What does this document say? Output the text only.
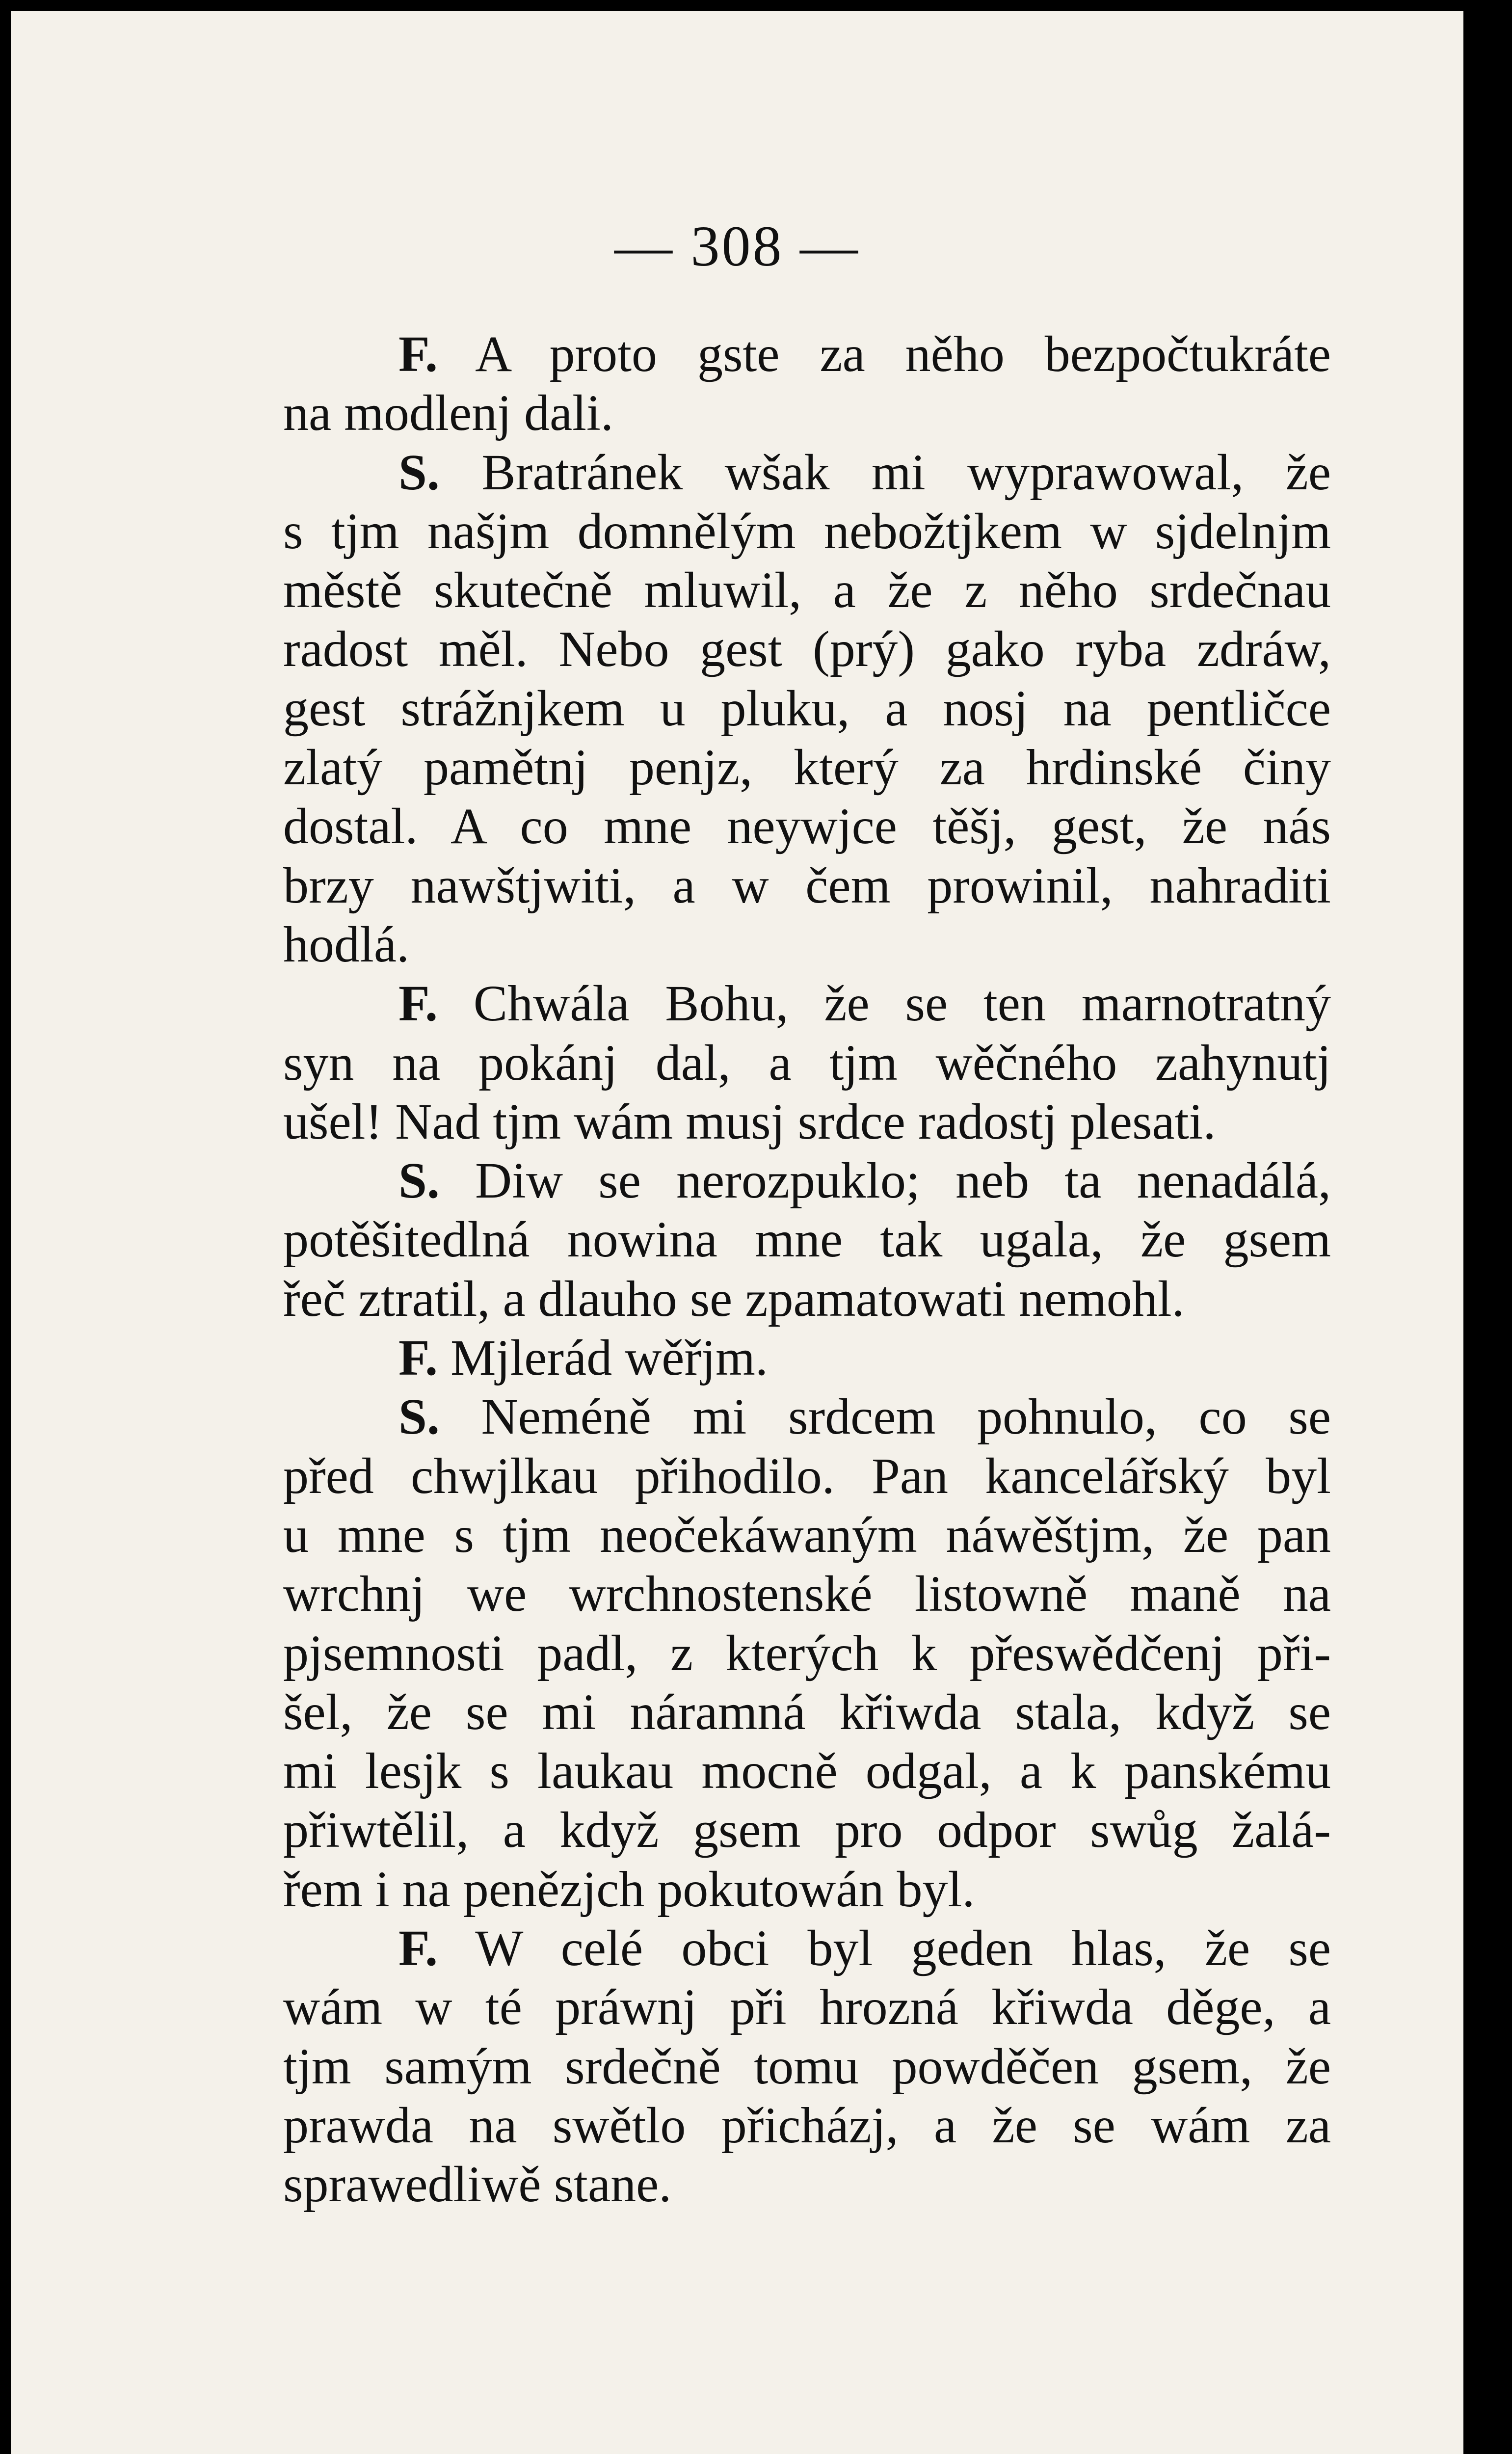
— 308 —
F. A proto gste za něho bezpočtukráte
na modlenj dali.
S. Bratránek wšak mi wyprawowal, že
s tjm našjm domnělým nebožtjkem w sjdelnjm
městě skutečně mluwil, a že z něho srdečnau
radost měl. Nebo gest (prý) gako ryba zdráw,
gest strážnjkem u pluku, a nosj na pentličce
zlatý pamětnj penjz, který za hrdinské činy
dostal. A co mne neywjce těšj, gest, že nás
brzy nawštjwiti, a w čem prowinil, nahraditi
hodlá.
F. Chwála Bohu, že se ten marnotratný
syn na pokánj dal, a tjm wěčného zahynutj
ušel! Nad tjm wám musj srdce radostj plesati.
S. Diw se nerozpuklo; neb ta nenadálá,
potěšitedlná nowina mne tak ugala, že gsem
řeč ztratil, a dlauho se zpamatowati nemohl.
F. Mjlerád wěřjm.
S. Neméně mi srdcem pohnulo, co se
před chwjlkau přihodilo. Pan kancelářský byl
u mne s tjm neočekáwaným náwěštjm, že pan
wrchnj we wrchnostenské listowně maně na
pjsemnosti padl, z kterých k přeswědčenj při-
šel, že se mi náramná křiwda stala, když se
mi lesjk s laukau mocně odgal, a k panskému
přiwtělil, a když gsem pro odpor swůg žalá-
řem i na penězjch pokutowán byl.
F. W celé obci byl geden hlas, že se
wám w té práwnj při hrozná křiwda děge, a
tjm samým srdečně tomu powděčen gsem, že
prawda na swětlo přicházj, a že se wám za
sprawedliwě stane.
